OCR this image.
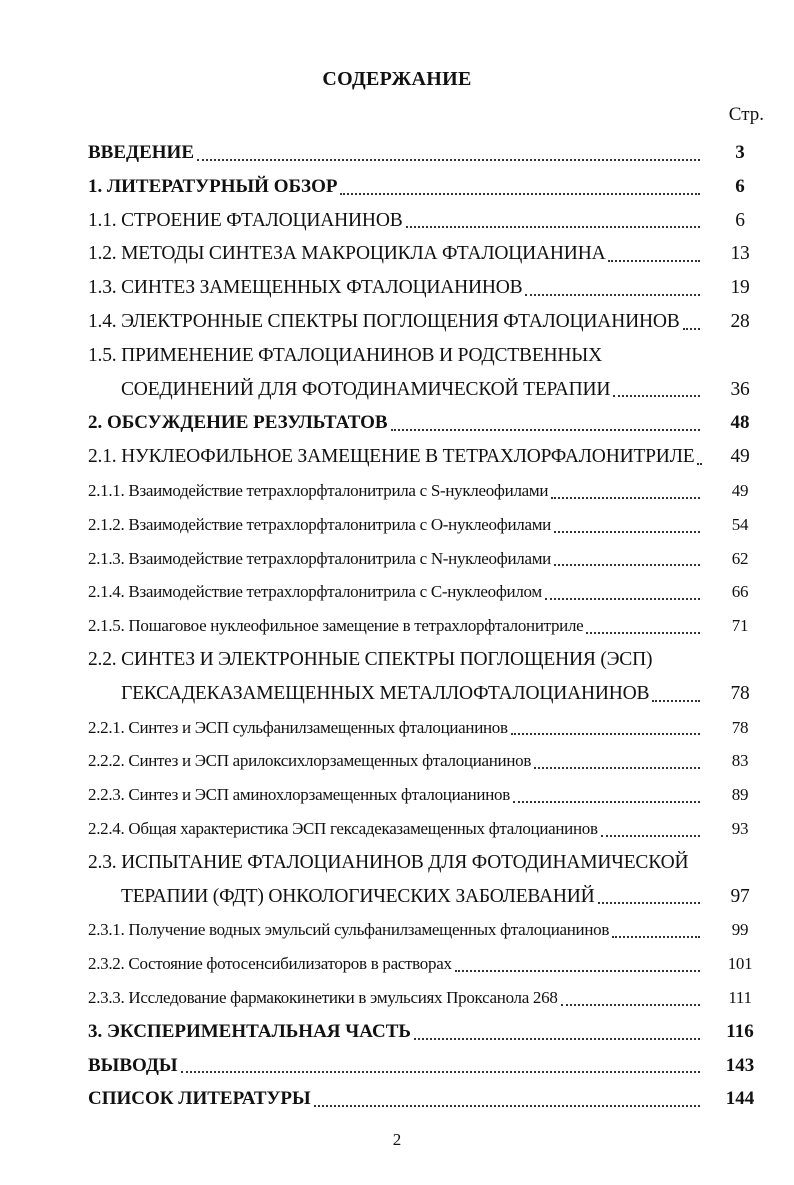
СОДЕРЖАНИЕ
Стр.
ВВЕДЕНИЕ	3
1. ЛИТЕРАТУРНЫЙ ОБЗОР	6
1.1. СТРОЕНИЕ ФТАЛОЦИАНИНОВ	6
1.2. МЕТОДЫ СИНТЕЗА МАКРОЦИКЛА ФТАЛОЦИАНИНА	13
1.3. СИНТЕЗ ЗАМЕЩЕННЫХ ФТАЛОЦИАНИНОВ	19
1.4. ЭЛЕКТРОННЫЕ СПЕКТРЫ ПОГЛОЩЕНИЯ ФТАЛОЦИАНИНОВ	28
1.5. ПРИМЕНЕНИЕ ФТАЛОЦИАНИНОВ И РОДСТВЕННЫХ
СОЕДИНЕНИЙ ДЛЯ ФОТОДИНАМИЧЕСКОЙ ТЕРАПИИ	36
2. ОБСУЖДЕНИЕ РЕЗУЛЬТАТОВ	48
2.1. НУКЛЕОФИЛЬНОЕ ЗАМЕЩЕНИЕ В ТЕТРАХЛОРФАЛОНИТРИЛЕ	49
2.1.1. Взаимодействие тетрахлорфталонитрила с S-нуклеофилами	49
2.1.2. Взаимодействие тетрахлорфталонитрила с O-нуклеофилами	54
2.1.3. Взаимодействие тетрахлорфталонитрила с N-нуклеофилами	62
2.1.4. Взаимодействие тетрахлорфталонитрила с C-нуклеофилом	66
2.1.5. Пошаговое нуклеофильное замещение в тетрахлорфталонитриле	71
2.2. СИНТЕЗ И ЭЛЕКТРОННЫЕ СПЕКТРЫ ПОГЛОЩЕНИЯ (ЭСП)
ГЕКСАДЕКАЗАМЕЩЕННЫХ МЕТАЛЛОФТАЛОЦИАНИНОВ	78
2.2.1. Синтез и ЭСП сульфанилзамещенных фталоцианинов	78
2.2.2. Синтез и ЭСП арилоксихлорзамещенных фталоцианинов	83
2.2.3. Синтез и ЭСП аминохлорзамещенных фталоцианинов	89
2.2.4. Общая характеристика ЭСП гексадеказамещенных фталоцианинов	93
2.3. ИСПЫТАНИЕ ФТАЛОЦИАНИНОВ ДЛЯ ФОТОДИНАМИЧЕСКОЙ
ТЕРАПИИ (ФДТ) ОНКОЛОГИЧЕСКИХ ЗАБОЛЕВАНИЙ	97
2.3.1. Получение водных эмульсий сульфанилзамещенных фталоцианинов	99
2.3.2. Состояние фотосенсибилизаторов в растворах	101
2.3.3. Исследование фармакокинетики в эмульсиях Проксанола 268	111
3. ЭКСПЕРИМЕНТАЛЬНАЯ ЧАСТЬ	116
ВЫВОДЫ	143
СПИСОК ЛИТЕРАТУРЫ	144
2
